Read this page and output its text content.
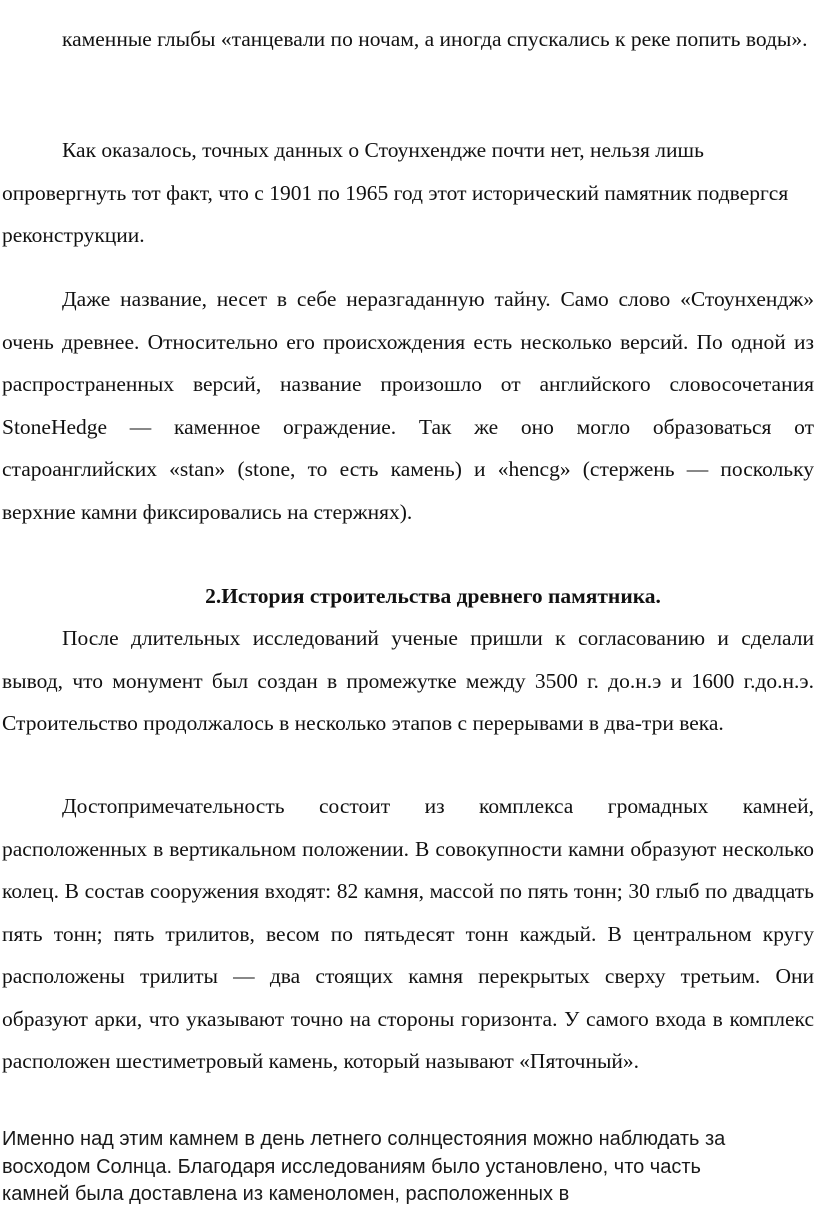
каменные глыбы «танцевали по ночам, а иногда спускались к реке попить воды».

Как оказалось, точных данных о Стоунхендже почти нет, нельзя лишь опровергнуть тот факт, что с 1901 по 1965 год этот исторический памятник подвергся реконструкции.

Даже название, несет в себе неразгаданную тайну. Само слово «Стоунхендж» очень древнее. Относительно его происхождения есть несколько версий. По одной из распространенных версий, название произошло от английского словосочетания StoneHedge — каменное ограждение. Так же оно могло образоваться от староанглийских «stan» (stone, то есть камень) и «hencg» (стержень — поскольку верхние камни фиксировались на стержнях).

2.История строительства древнего памятника.

После длительных исследований ученые пришли к согласованию и сделали вывод, что монумент был создан в промежутке между 3500 г. до.н.э и 1600 г.до.н.э. Строительство продолжалось в несколько этапов с перерывами в два-три века.

Достопримечательность состоит из комплекса громадных камней, расположенных в вертикальном положении. В совокупности камни образуют несколько колец. В состав сооружения входят: 82 камня, массой по пять тонн; 30 глыб по двадцать пять тонн; пять трилитов, весом по пятьдесят тонн каждый. В центральном кругу расположены трилиты — два стоящих камня перекрытых сверху третьим. Они образуют арки, что указывают точно на стороны горизонта. У самого входа в комплекс расположен шестиметровый камень, который называют «Пяточный».

Именно над этим камнем в день летнего солнцестояния можно наблюдать за
восходом Солнца. Благодаря исследованиям было установлено, что часть
камней была доставлена из каменоломен, расположенных в
